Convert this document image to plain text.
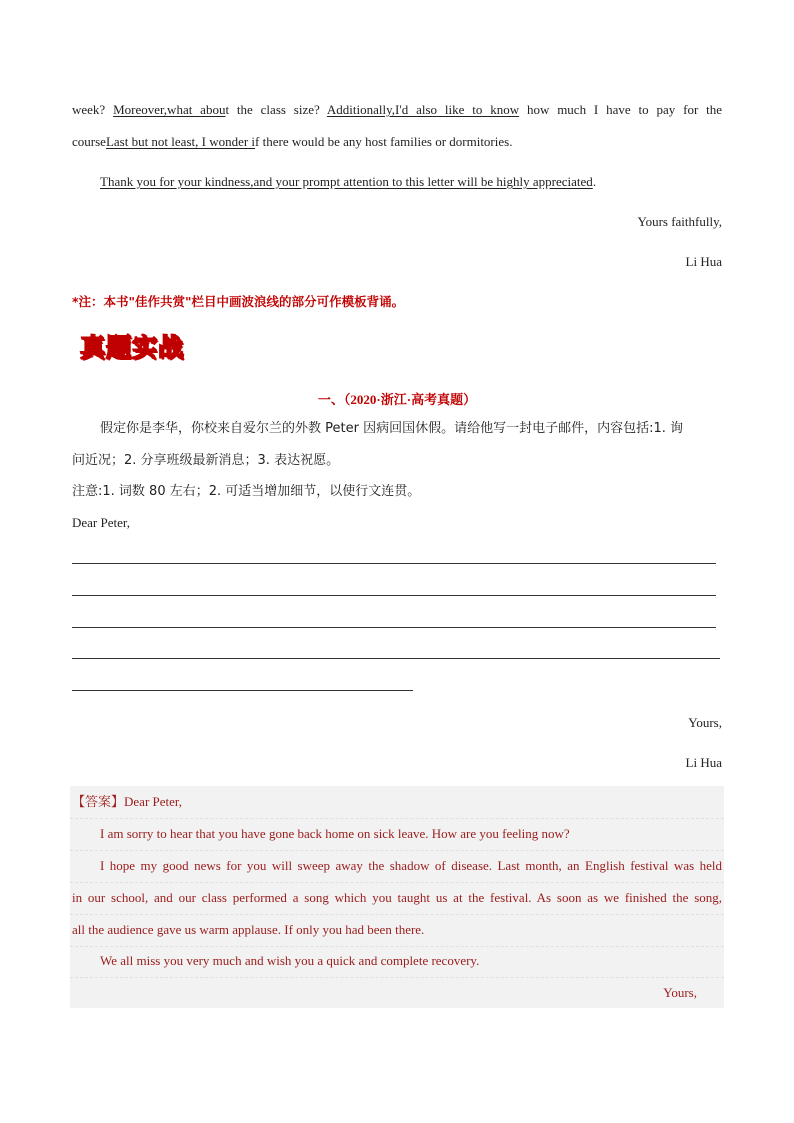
week? Moreover,what about the class size? Additionally,I'd also like to know how much I have to pay for the
courseLast but not least, I wonder if there would be any host families or dormitories.
Thank you for your kindness,and your prompt attention to this letter will be highly appreciated.
Yours faithfully,
Li Hua
*注：本书"佳作共赏"栏目中画波浪线的部分可作模板背诵。
真题实战
一、（2020·浙江·高考真题）
假定你是李华，你校来自爱尔兰的外教 Peter 因病回国休假。请给他写一封电子邮件，内容包括:1. 询
问近况；2. 分享班级最新消息；3. 表达祝愿。
注意:1. 词数 80 左右；2. 可适当增加细节，以使行文连贯。
Dear Peter,
Yours,
Li Hua
【答案】Dear Peter,
I am sorry to hear that you have gone back home on sick leave. How are you feeling now?
I hope my good news for you will sweep away the shadow of disease. Last month, an English festival was held
in our school, and our class performed a song which you taught us at the festival. As soon as we finished the song,
all the audience gave us warm applause. If only you had been there.
We all miss you very much and wish you a quick and complete recovery.
Yours,
